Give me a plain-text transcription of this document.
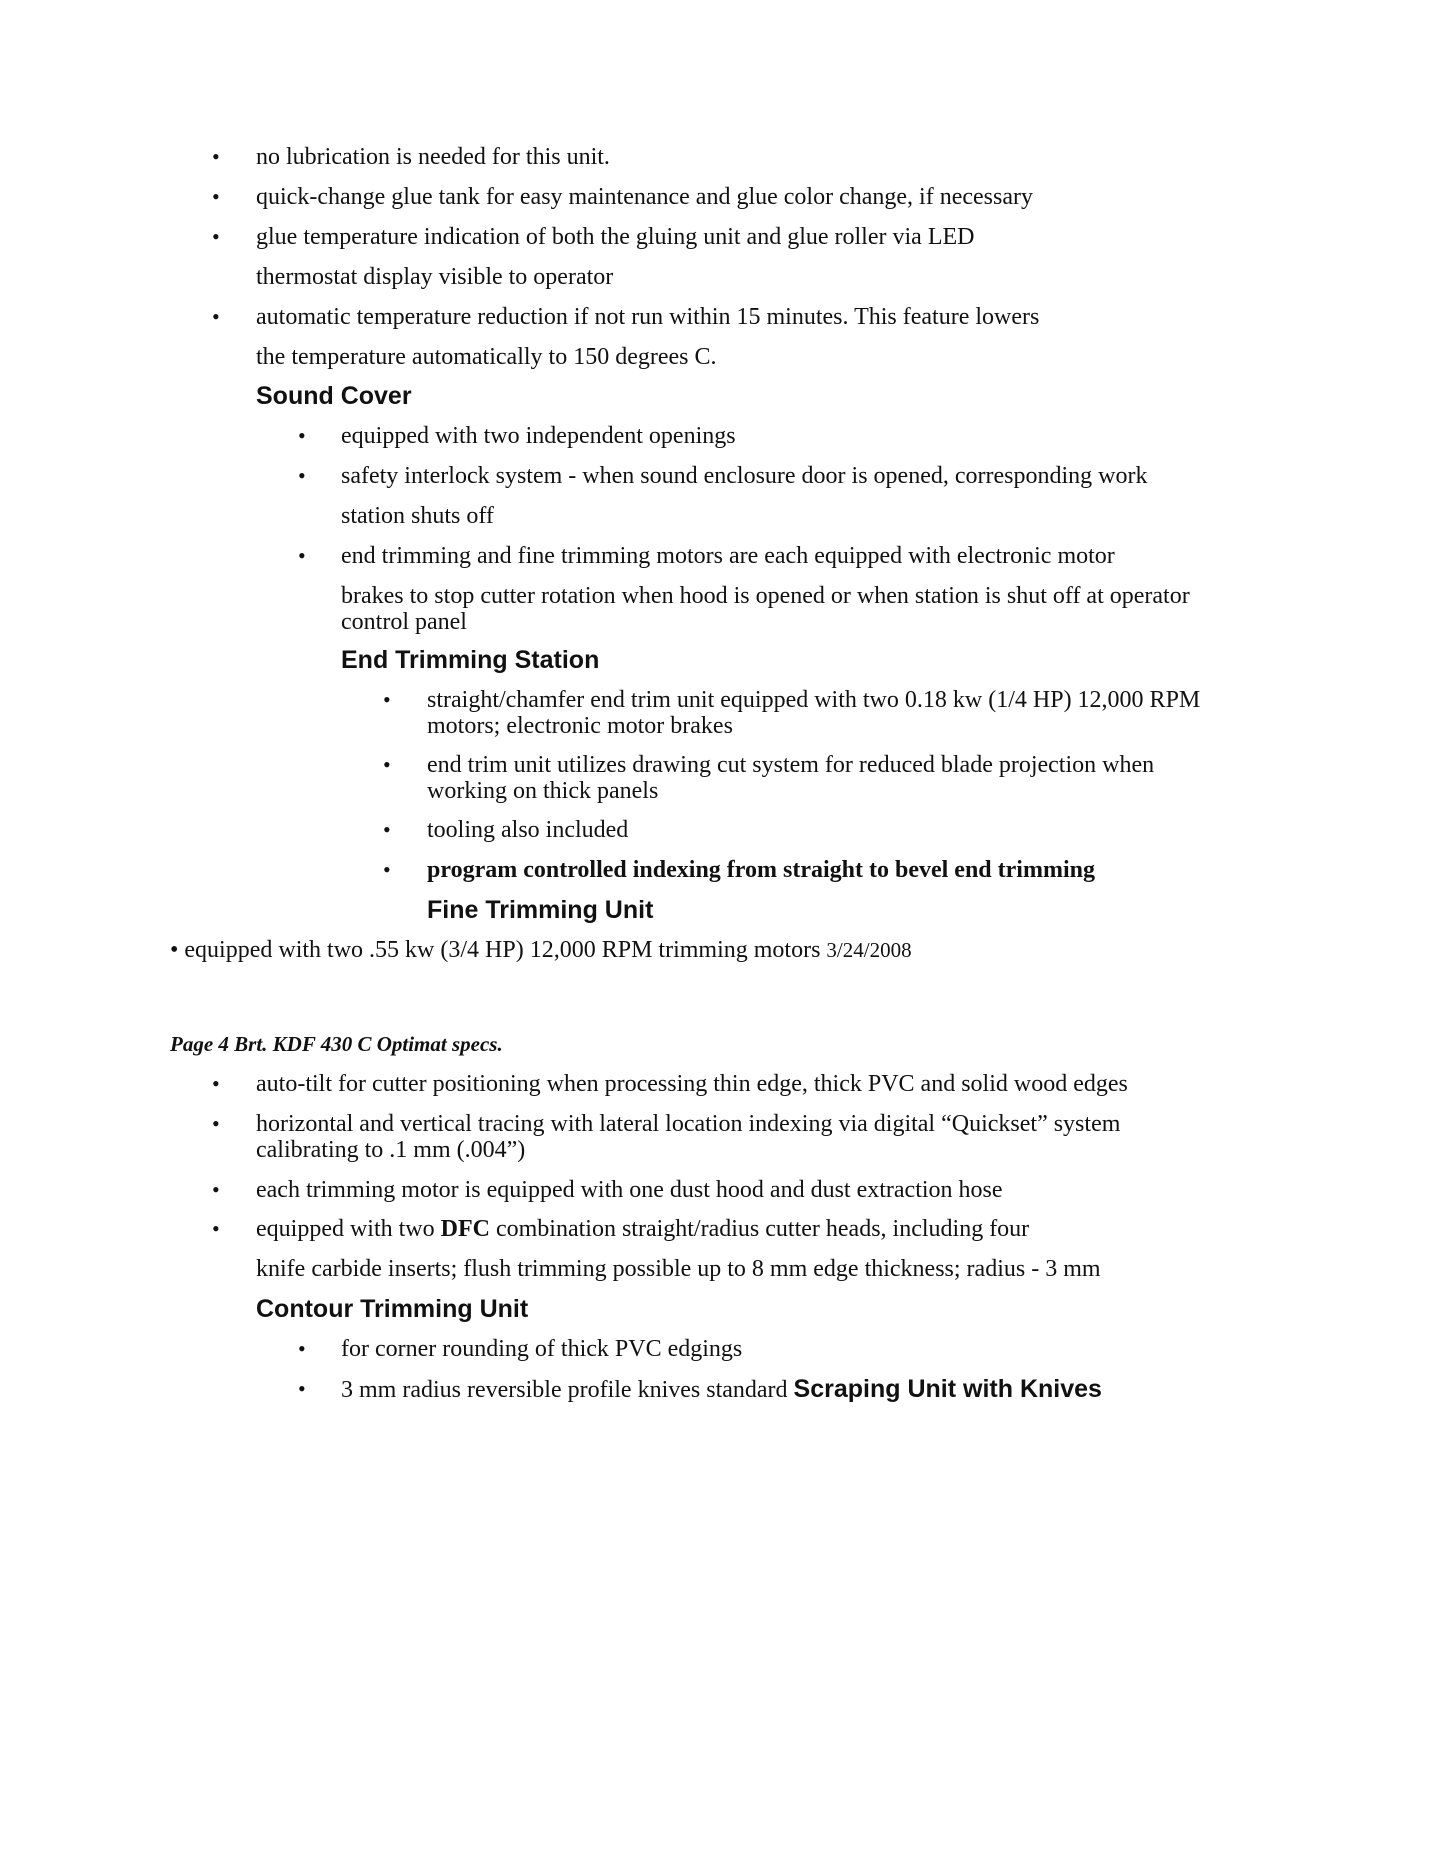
• no lubrication is needed for this unit.
• quick-change glue tank for easy maintenance and glue color change, if necessary
• glue temperature indication of both the gluing unit and glue roller via LED
thermostat display visible to operator
• automatic temperature reduction if not run within 15 minutes. This feature lowers
the temperature automatically to 150 degrees C.
Sound Cover
• equipped with two independent openings
• safety interlock system - when sound enclosure door is opened, corresponding work
station shuts off
• end trimming and fine trimming motors are each equipped with electronic motor
brakes to stop cutter rotation when hood is opened or when station is shut off at operator
control panel
End Trimming Station
• straight/chamfer end trim unit equipped with two 0.18 kw (1/4 HP) 12,000 RPM
motors; electronic motor brakes
• end trim unit utilizes drawing cut system for reduced blade projection when
working on thick panels
• tooling also included
• program controlled indexing from straight to bevel end trimming
Fine Trimming Unit
• equipped with two .55 kw (3/4 HP) 12,000 RPM trimming motors 3/24/2008
Page 4 Brt. KDF 430 C Optimat specs.
• auto-tilt for cutter positioning when processing thin edge, thick PVC and solid wood edges
• horizontal and vertical tracing with lateral location indexing via digital “Quickset” system
calibrating to .1 mm (.004”)
• each trimming motor is equipped with one dust hood and dust extraction hose
• equipped with two DFC combination straight/radius cutter heads, including four
knife carbide inserts; flush trimming possible up to 8 mm edge thickness; radius - 3 mm
Contour Trimming Unit
• for corner rounding of thick PVC edgings
• 3 mm radius reversible profile knives standard Scraping Unit with Knives
